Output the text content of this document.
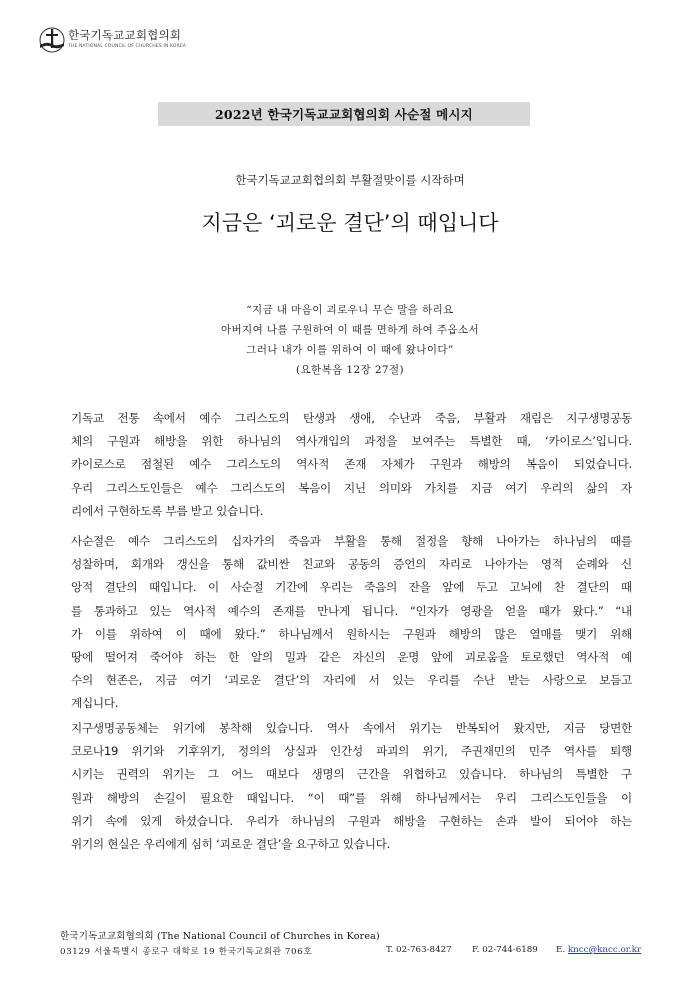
한국기독교교회협의회
THE NATIONAL COUNCIL OF CHURCHES IN KOREA
2022년 한국기독교교회협의회 사순절 메시지
한국기독교교회협의회 부활절맞이를 시작하며
지금은 ‘괴로운 결단’의 때입니다
“지금 내 마음이 괴로우니 무슨 말을 하리요
아버지여 나를 구원하여 이 때를 면하게 하여 주옵소서
그러나 내가 이를 위하여 이 때에 왔나이다”
(요한복음 12장 27절)
기독교 전통 속에서 예수 그리스도의 탄생과 생애, 수난과 죽음, 부활과 재림은 지구생명공동
체의 구원과 해방을 위한 하나님의 역사개입의 과정을 보여주는 특별한 때, ‘카이로스’입니다.
카이로스로 점철된 예수 그리스도의 역사적 존재 자체가 구원과 해방의 복음이 되었습니다.
우리 그리스도인들은 예수 그리스도의 복음이 지닌 의미와 가치를 지금 여기 우리의 삶의 자
리에서 구현하도록 부름 받고 있습니다.
사순절은 예수 그리스도의 십자가의 죽음과 부활을 통해 절정을 향해 나아가는 하나님의 때를
성찰하며, 회개와 갱신을 통해 값비싼 친교와 공동의 증언의 자리로 나아가는 영적 순례와 신
앙적 결단의 때입니다. 이 사순절 기간에 우리는 죽음의 잔을 앞에 두고 고뇌에 찬 결단의 때
를 통과하고 있는 역사적 예수의 존재를 만나게 됩니다. “인자가 영광을 얻을 때가 왔다.” “내
가 이를 위하여 이 때에 왔다.” 하나님께서 원하시는 구원과 해방의 많은 열매를 맺기 위해
땅에 떨어져 죽어야 하는 한 알의 밀과 같은 자신의 운명 앞에 괴로움을 토로했던 역사적 예
수의 현존은, 지금 여기 ‘괴로운 결단’의 자리에 서 있는 우리를 수난 받는 사랑으로 보듬고
계십니다.
지구생명공동체는 위기에 봉착해 있습니다. 역사 속에서 위기는 반복되어 왔지만, 지금 당면한
코로나19 위기와 기후위기, 정의의 상실과 인간성 파괴의 위기, 주권재민의 민주 역사를 퇴행
시키는 권력의 위기는 그 어느 때보다 생명의 근간을 위협하고 있습니다. 하나님의 특별한 구
원과 해방의 손길이 필요한 때입니다. “이 때”를 위해 하나님께서는 우리 그리스도인들을 이
위기 속에 있게 하셨습니다. 우리가 하나님의 구원과 해방을 구현하는 손과 발이 되어야 하는
위기의 현실은 우리에게 심히 ‘괴로운 결단’을 요구하고 있습니다.
한국기독교교회협의회 (The National Council of Churches in Korea)
03129 서울특별시 종로구 대학로 19 한국기독교회관 706호	T. 02-763-8427 F. 02-744-6189 E. kncc@kncc.or.kr
